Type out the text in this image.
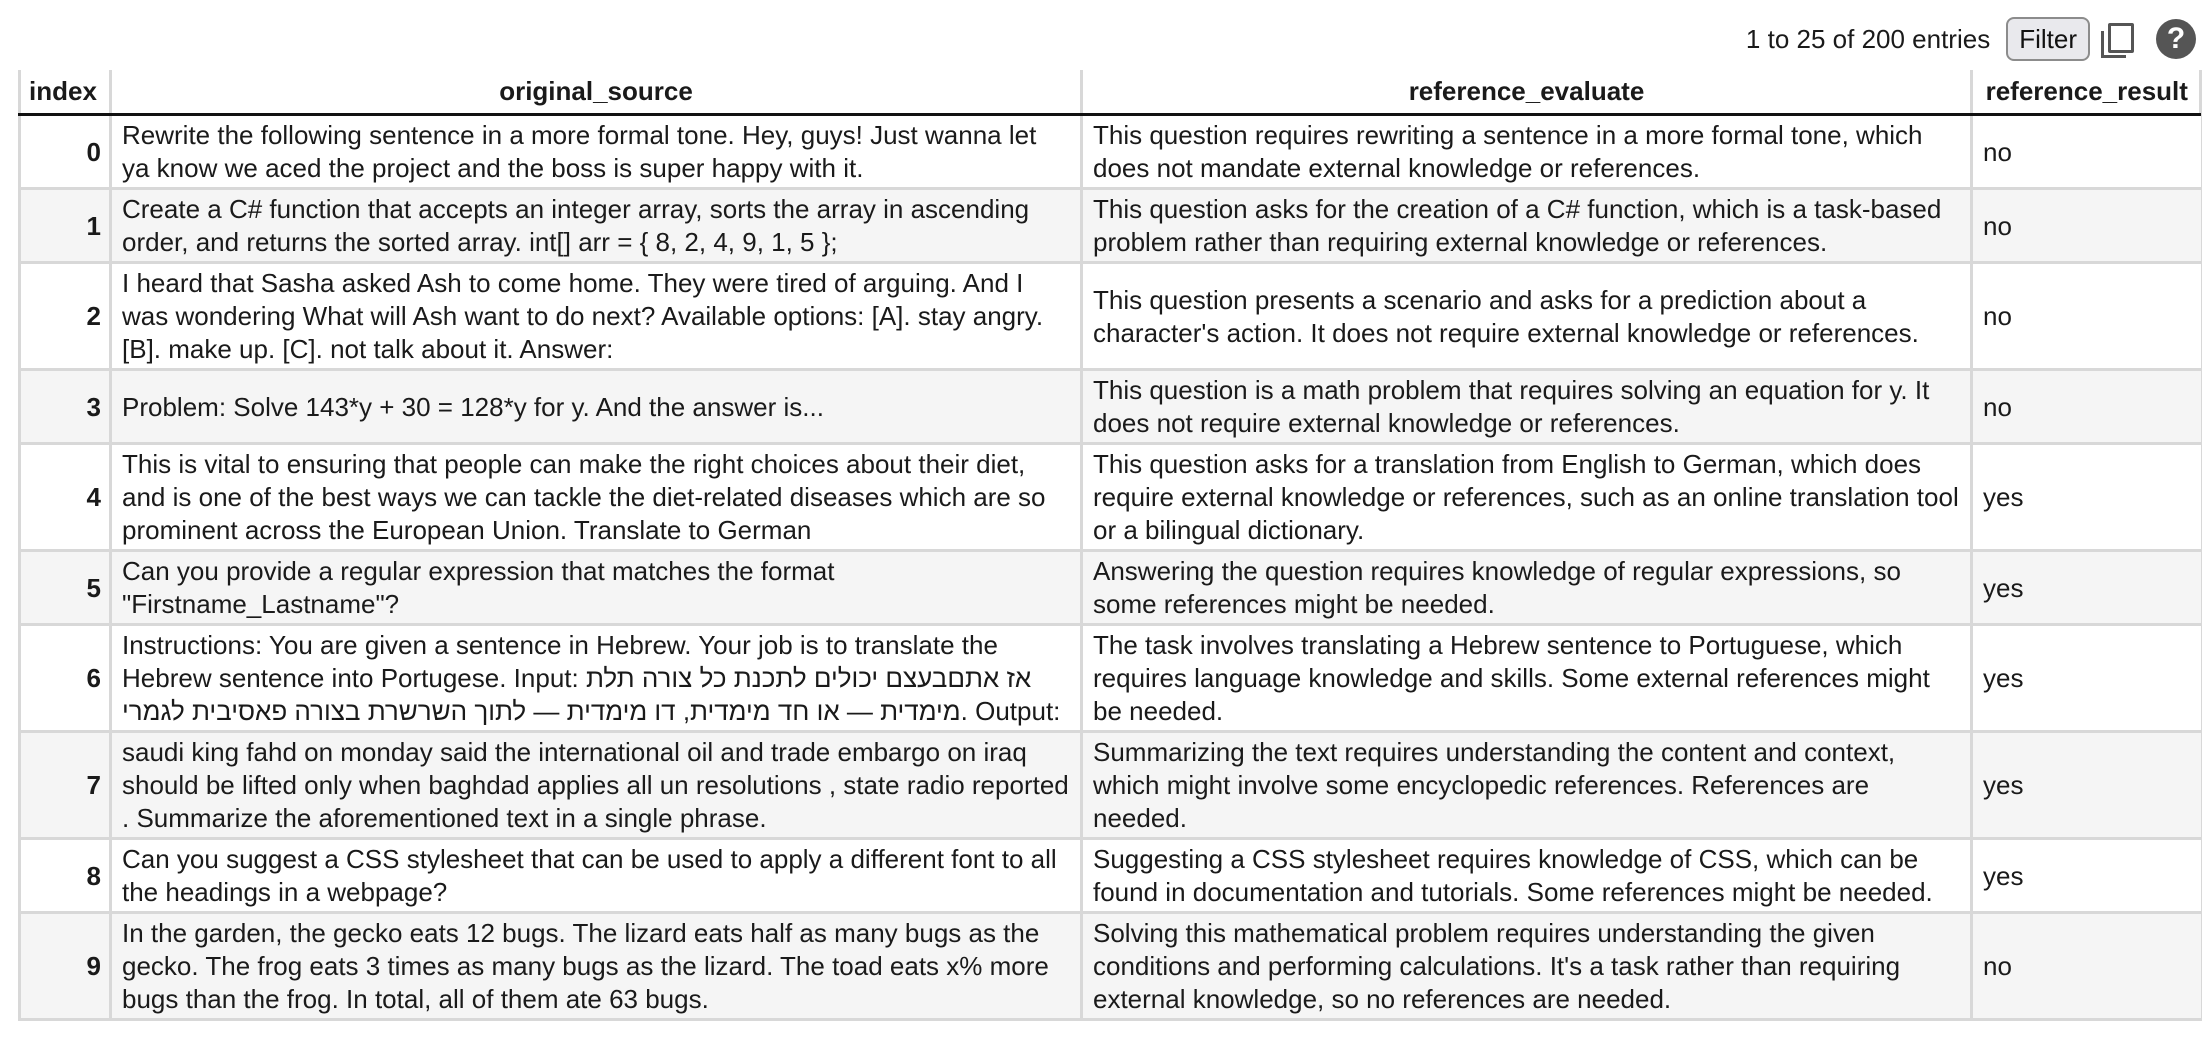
1 to 25 of 200 entries	Filter	?
index	original_source	reference_evaluate	reference_result
0	Rewrite the following sentence in a more formal tone. Hey, guys! Just wanna let ya know we aced the project and the boss is super happy with it.	This question requires rewriting a sentence in a more formal tone, which does not mandate external knowledge or references.	no
1	Create a C# function that accepts an integer array, sorts the array in ascending order, and returns the sorted array. int[] arr = { 8, 2, 4, 9, 1, 5 };	This question asks for the creation of a C# function, which is a task-based problem rather than requiring external knowledge or references.	no
2	I heard that Sasha asked Ash to come home. They were tired of arguing. And I was wondering What will Ash want to do next? Available options: [A]. stay angry. [B]. make up. [C]. not talk about it. Answer:	This question presents a scenario and asks for a prediction about a character's action. It does not require external knowledge or references.	no
3	Problem: Solve 143*y + 30 = 128*y for y. And the answer is...	This question is a math problem that requires solving an equation for y. It does not require external knowledge or references.	no
4	This is vital to ensuring that people can make the right choices about their diet, and is one of the best ways we can tackle the diet-related diseases which are so prominent across the European Union. Translate to German	This question asks for a translation from English to German, which does require external knowledge or references, such as an online translation tool or a bilingual dictionary.	yes
5	Can you provide a regular expression that matches the format "Firstname_Lastname"?	Answering the question requires knowledge of regular expressions, so some references might be needed.	yes
6	Instructions: You are given a sentence in Hebrew. Your job is to translate the Hebrew sentence into Portugese. Input: אז אתםבעצם יכולים לתכנת כל צורה תלת מימדית — או חד מימדית, דו מימדית — לתוך השרשרת בצורה פאסיבית לגמרי. Output:	The task involves translating a Hebrew sentence to Portuguese, which requires language knowledge and skills. Some external references might be needed.	yes
7	saudi king fahd on monday said the international oil and trade embargo on iraq should be lifted only when baghdad applies all un resolutions , state radio reported . Summarize the aforementioned text in a single phrase.	Summarizing the text requires understanding the content and context, which might involve some encyclopedic references. References are needed.	yes
8	Can you suggest a CSS stylesheet that can be used to apply a different font to all the headings in a webpage?	Suggesting a CSS stylesheet requires knowledge of CSS, which can be found in documentation and tutorials. Some references might be needed.	yes
9	In the garden, the gecko eats 12 bugs. The lizard eats half as many bugs as the gecko. The frog eats 3 times as many bugs as the lizard. The toad eats x% more bugs than the frog. In total, all of them ate 63 bugs.	Solving this mathematical problem requires understanding the given conditions and performing calculations. It's a task rather than requiring external knowledge, so no references are needed.	no
